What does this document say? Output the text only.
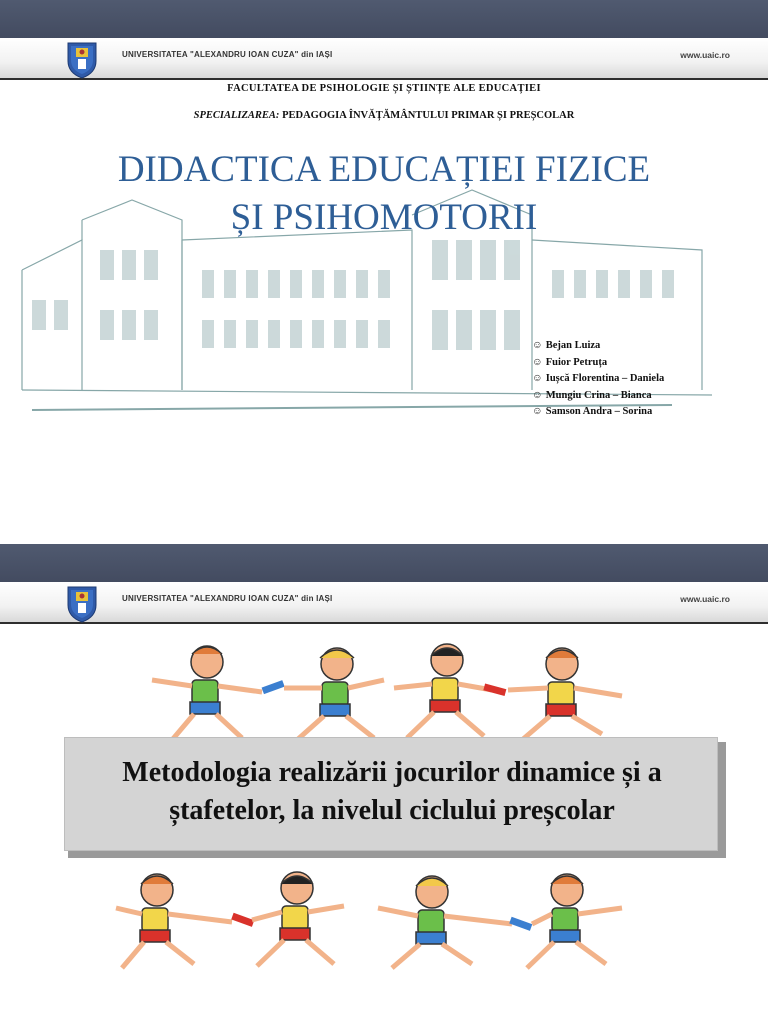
UNIVERSITATEA "ALEXANDRU IOAN CUZA" din IAȘI	www.uaic.ro
FACULTATEA DE PSIHOLOGIE ȘI ȘTIINȚE ALE EDUCAȚIEI
SPECIALIZAREA: PEDAGOGIA ÎNVĂȚĂMÂNTULUI PRIMAR ȘI PREȘCOLAR
DIDACTICA EDUCAȚIEI FIZICE
ȘI PSIHOMOTORII
☺ Bejan Luiza
☺ Fuior Petruța
☺ Iușcă Florentina – Daniela
☺ Mungiu Crina – Bianca
☺ Samson Andra – Sorina
UNIVERSITATEA "ALEXANDRU IOAN CUZA" din IAȘI	www.uaic.ro
Metodologia realizării jocurilor dinamice și a
ștafetelor, la nivelul ciclului preșcolar
